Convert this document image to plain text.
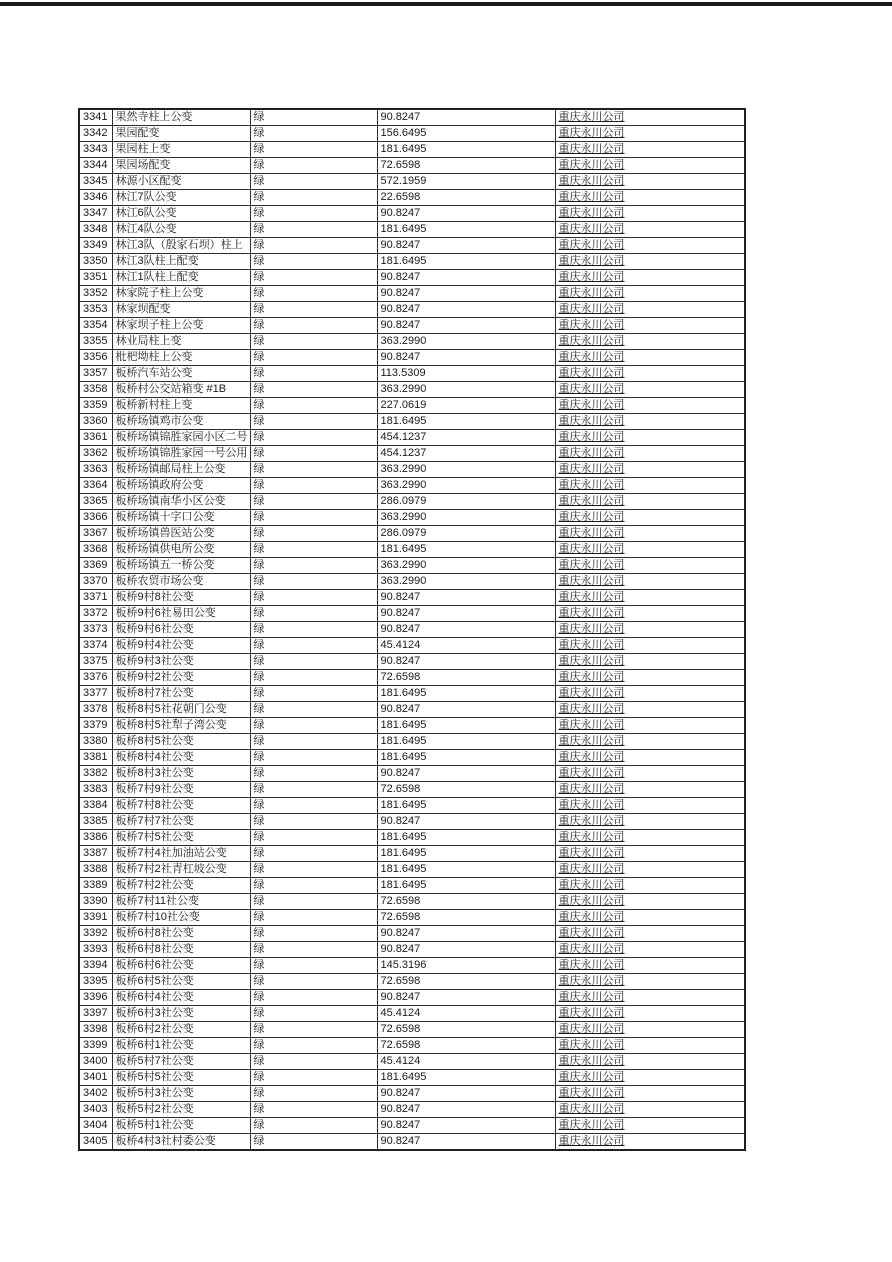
3341	果然寺柱上公变	绿	90.8247	重庆永川公司
3342	果园配变	绿	156.6495	重庆永川公司
3343	果园柱上变	绿	181.6495	重庆永川公司
3344	果园场配变	绿	72.6598	重庆永川公司
3345	林源小区配变	绿	572.1959	重庆永川公司
3346	林江7队公变	绿	22.6598	重庆永川公司
3347	林江6队公变	绿	90.8247	重庆永川公司
3348	林江4队公变	绿	181.6495	重庆永川公司
3349	林江3队（殷家石坝）柱上	绿	90.8247	重庆永川公司
3350	林江3队柱上配变	绿	181.6495	重庆永川公司
3351	林江1队柱上配变	绿	90.8247	重庆永川公司
3352	林家院子柱上公变	绿	90.8247	重庆永川公司
3353	林家坝配变	绿	90.8247	重庆永川公司
3354	林家坝子柱上公变	绿	90.8247	重庆永川公司
3355	林业局柱上变	绿	363.2990	重庆永川公司
3356	枇杷坳柱上公变	绿	90.8247	重庆永川公司
3357	板桥汽车站公变	绿	113.5309	重庆永川公司
3358	板桥村公交站箱变 #1B	绿	363.2990	重庆永川公司
3359	板桥新村柱上变	绿	227.0619	重庆永川公司
3360	板桥场镇鸡市公变	绿	181.6495	重庆永川公司
3361	板桥场镇锦胜家园小区二号	绿	454.1237	重庆永川公司
3362	板桥场镇锦胜家园一号公用	绿	454.1237	重庆永川公司
3363	板桥场镇邮局柱上公变	绿	363.2990	重庆永川公司
3364	板桥场镇政府公变	绿	363.2990	重庆永川公司
3365	板桥场镇南华小区公变	绿	286.0979	重庆永川公司
3366	板桥场镇十字口公变	绿	363.2990	重庆永川公司
3367	板桥场镇兽医站公变	绿	286.0979	重庆永川公司
3368	板桥场镇供电所公变	绿	181.6495	重庆永川公司
3369	板桥场镇五一桥公变	绿	363.2990	重庆永川公司
3370	板桥农贸市场公变	绿	363.2990	重庆永川公司
3371	板桥9村8社公变	绿	90.8247	重庆永川公司
3372	板桥9村6社易田公变	绿	90.8247	重庆永川公司
3373	板桥9村6社公变	绿	90.8247	重庆永川公司
3374	板桥9村4社公变	绿	45.4124	重庆永川公司
3375	板桥9村3社公变	绿	90.8247	重庆永川公司
3376	板桥9村2社公变	绿	72.6598	重庆永川公司
3377	板桥8村7社公变	绿	181.6495	重庆永川公司
3378	板桥8村5社花朝门公变	绿	90.8247	重庆永川公司
3379	板桥8村5社犁子湾公变	绿	181.6495	重庆永川公司
3380	板桥8村5社公变	绿	181.6495	重庆永川公司
3381	板桥8村4社公变	绿	181.6495	重庆永川公司
3382	板桥8村3社公变	绿	90.8247	重庆永川公司
3383	板桥7村9社公变	绿	72.6598	重庆永川公司
3384	板桥7村8社公变	绿	181.6495	重庆永川公司
3385	板桥7村7社公变	绿	90.8247	重庆永川公司
3386	板桥7村5社公变	绿	181.6495	重庆永川公司
3387	板桥7村4社加油站公变	绿	181.6495	重庆永川公司
3388	板桥7村2社青杠坡公变	绿	181.6495	重庆永川公司
3389	板桥7村2社公变	绿	181.6495	重庆永川公司
3390	板桥7村11社公变	绿	72.6598	重庆永川公司
3391	板桥7村10社公变	绿	72.6598	重庆永川公司
3392	板桥6村8社公变	绿	90.8247	重庆永川公司
3393	板桥6村8社公变	绿	90.8247	重庆永川公司
3394	板桥6村6社公变	绿	145.3196	重庆永川公司
3395	板桥6村5社公变	绿	72.6598	重庆永川公司
3396	板桥6村4社公变	绿	90.8247	重庆永川公司
3397	板桥6村3社公变	绿	45.4124	重庆永川公司
3398	板桥6村2社公变	绿	72.6598	重庆永川公司
3399	板桥6村1社公变	绿	72.6598	重庆永川公司
3400	板桥5村7社公变	绿	45.4124	重庆永川公司
3401	板桥5村5社公变	绿	181.6495	重庆永川公司
3402	板桥5村3社公变	绿	90.8247	重庆永川公司
3403	板桥5村2社公变	绿	90.8247	重庆永川公司
3404	板桥5村1社公变	绿	90.8247	重庆永川公司
3405	板桥4村3社村委公变	绿	90.8247	重庆永川公司
